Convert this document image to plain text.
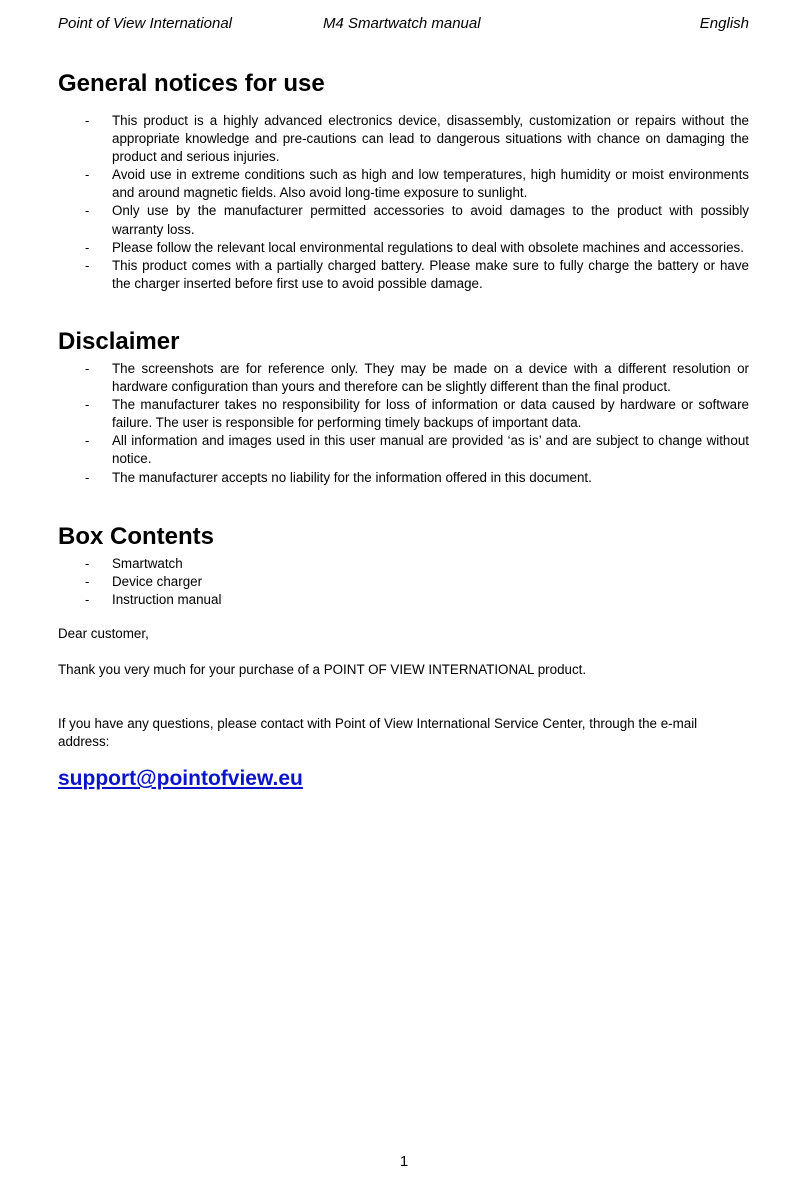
Point of View International	M4 Smartwatch manual	English
General notices for use
- This product is a highly advanced electronics device, disassembly, customization or repairs without the appropriate knowledge and pre-cautions can lead to dangerous situations with chance on damaging the product and serious injuries.
- Avoid use in extreme conditions such as high and low temperatures, high humidity or moist environments and around magnetic fields. Also avoid long-time exposure to sunlight.
- Only use by the manufacturer permitted accessories to avoid damages to the product with possibly warranty loss.
- Please follow the relevant local environmental regulations to deal with obsolete machines and accessories.
- This product comes with a partially charged battery. Please make sure to fully charge the battery or have the charger inserted before first use to avoid possible damage.
Disclaimer
- The screenshots are for reference only. They may be made on a device with a different resolution or hardware configuration than yours and therefore can be slightly different than the final product.
- The manufacturer takes no responsibility for loss of information or data caused by hardware or software failure. The user is responsible for performing timely backups of important data.
- All information and images used in this user manual are provided ‘as is’ and are subject to change without notice.
- The manufacturer accepts no liability for the information offered in this document.
Box Contents
- Smartwatch
- Device charger
- Instruction manual

Dear customer,

Thank you very much for your purchase of a POINT OF VIEW INTERNATIONAL product.

If you have any questions, please contact with Point of View International Service Center, through the e-mail address:

support@pointofview.eu
1
